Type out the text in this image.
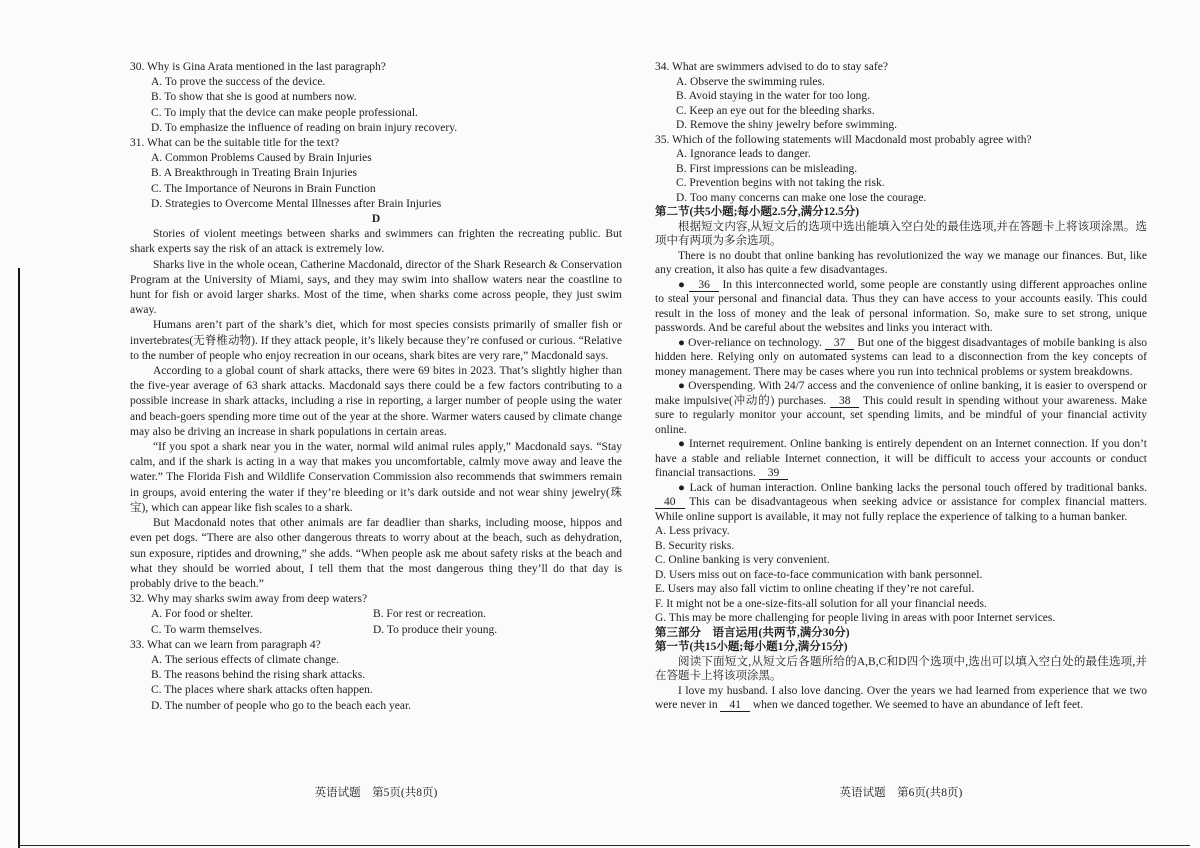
30. Why is Gina Arata mentioned in the last paragraph?
A. To prove the success of the device.
B. To show that she is good at numbers now.
C. To imply that the device can make people professional.
D. To emphasize the influence of reading on brain injury recovery.
31. What can be the suitable title for the text?
A. Common Problems Caused by Brain Injuries
B. A Breakthrough in Treating Brain Injuries
C. The Importance of Neurons in Brain Function
D. Strategies to Overcome Mental Illnesses after Brain Injuries
D
Stories of violent meetings between sharks and swimmers can frighten the recreating public. But shark experts say the risk of an attack is extremely low.
Sharks live in the whole ocean, Catherine Macdonald, director of the Shark Research & Conservation Program at the University of Miami, says, and they may swim into shallow waters near the coastline to hunt for fish or avoid larger sharks. Most of the time, when sharks come across people, they just swim away.
Humans aren’t part of the shark’s diet, which for most species consists primarily of smaller fish or invertebrates(无脊椎动物). If they attack people, it’s likely because they’re confused or curious. “Relative to the number of people who enjoy recreation in our oceans, shark bites are very rare,” Macdonald says.
According to a global count of shark attacks, there were 69 bites in 2023. That’s slightly higher than the five-year average of 63 shark attacks. Macdonald says there could be a few factors contributing to a possible increase in shark attacks, including a rise in reporting, a larger number of people using the water and beach-goers spending more time out of the year at the shore. Warmer waters caused by climate change may also be driving an increase in shark populations in certain areas.
“If you spot a shark near you in the water, normal wild animal rules apply,” Macdonald says. “Stay calm, and if the shark is acting in a way that makes you uncomfortable, calmly move away and leave the water.” The Florida Fish and Wildlife Conservation Commission also recommends that swimmers remain in groups, avoid entering the water if they’re bleeding or it’s dark outside and not wear shiny jewelry(珠宝), which can appear like fish scales to a shark.
But Macdonald notes that other animals are far deadlier than sharks, including moose, hippos and even pet dogs. “There are also other dangerous threats to worry about at the beach, such as dehydration, sun exposure, riptides and drowning,” she adds. “When people ask me about safety risks at the beach and what they should be worried about, I tell them that the most dangerous thing they’ll do that day is probably drive to the beach.”
32. Why may sharks swim away from deep waters?
A. For food or shelter.	B. For rest or recreation.
C. To warm themselves.	D. To produce their young.
33. What can we learn from paragraph 4?
A. The serious effects of climate change.
B. The reasons behind the rising shark attacks.
C. The places where shark attacks often happen.
D. The number of people who go to the beach each year.
34. What are swimmers advised to do to stay safe?
A. Observe the swimming rules.
B. Avoid staying in the water for too long.
C. Keep an eye out for the bleeding sharks.
D. Remove the shiny jewelry before swimming.
35. Which of the following statements will Macdonald most probably agree with?
A. Ignorance leads to danger.
B. First impressions can be misleading.
C. Prevention begins with not taking the risk.
D. Too many concerns can make one lose the courage.
第二节(共5小题;每小题2.5分,满分12.5分)
根据短文内容,从短文后的选项中选出能填入空白处的最佳选项,并在答题卡上将该项涂黑。选项中有两项为多余选项。
There is no doubt that online banking has revolutionized the way we manage our finances. But, like any creation, it also has quite a few disadvantages.
● 36 In this interconnected world, some people are constantly using different approaches online to steal your personal and financial data. Thus they can have access to your accounts easily. This could result in the loss of money and the leak of personal information. So, make sure to set strong, unique passwords. And be careful about the websites and links you interact with.
● Over-reliance on technology. 37 But one of the biggest disadvantages of mobile banking is also hidden here. Relying only on automated systems can lead to a disconnection from the key concepts of money management. There may be cases where you run into technical problems or system breakdowns.
● Overspending. With 24/7 access and the convenience of online banking, it is easier to overspend or make impulsive(冲动的) purchases. 38 This could result in spending without your awareness. Make sure to regularly monitor your account, set spending limits, and be mindful of your financial activity online.
● Internet requirement. Online banking is entirely dependent on an Internet connection. If you don’t have a stable and reliable Internet connection, it will be difficult to access your accounts or conduct financial transactions. 39
● Lack of human interaction. Online banking lacks the personal touch offered by traditional banks. 40 This can be disadvantageous when seeking advice or assistance for complex financial matters. While online support is available, it may not fully replace the experience of talking to a human banker.
A. Less privacy.
B. Security risks.
C. Online banking is very convenient.
D. Users miss out on face-to-face communication with bank personnel.
E. Users may also fall victim to online cheating if they’re not careful.
F. It might not be a one-size-fits-all solution for all your financial needs.
G. This may be more challenging for people living in areas with poor Internet services.
第三部分　语言运用(共两节,满分30分)
第一节(共15小题;每小题1分,满分15分)
阅读下面短文,从短文后各题所给的A,B,C和D四个选项中,选出可以填入空白处的最佳选项,并在答题卡上将该项涂黑。
I love my husband. I also love dancing. Over the years we had learned from experience that we two were never in 41 when we danced together. We seemed to have an abundance of left feet.
英语试题　第5页(共8页)	英语试题　第6页(共8页)
